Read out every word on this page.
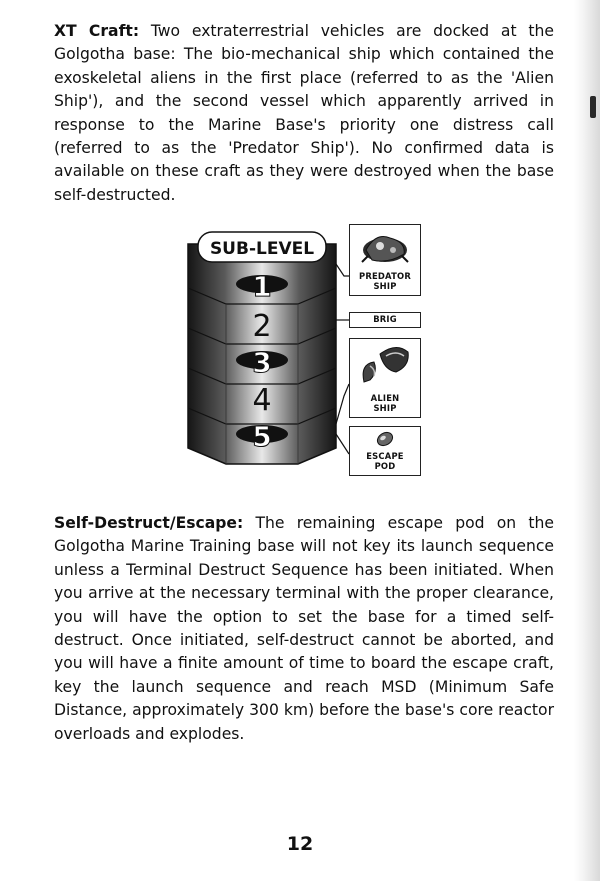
XT Craft: Two extraterrestrial vehicles are docked at the Golgotha base: The bio-mechanical ship which contained the exoskeletal aliens in the first place (referred to as the 'Alien Ship'), and the second vessel which apparently arrived in response to the Marine Base's priority one distress call (referred to as the 'Predator Ship'). No confirmed data is available on these craft as they were destroyed when the base self-destructed.

SUB-LEVEL
1
2
3
4
5
PREDATOR
SHIP
BRIG
ALIEN
SHIP
ESCAPE
POD

Self-Destruct/Escape: The remaining escape pod on the Golgotha Marine Training base will not key its launch sequence unless a Terminal Destruct Sequence has been initiated. When you arrive at the necessary terminal with the proper clearance, you will have the option to set the base for a timed self-destruct. Once initiated, self-destruct cannot be aborted, and you will have a finite amount of time to board the escape craft, key the launch sequence and reach MSD (Minimum Safe Distance, approximately 300 km) before the base's core reactor overloads and explodes.

12
